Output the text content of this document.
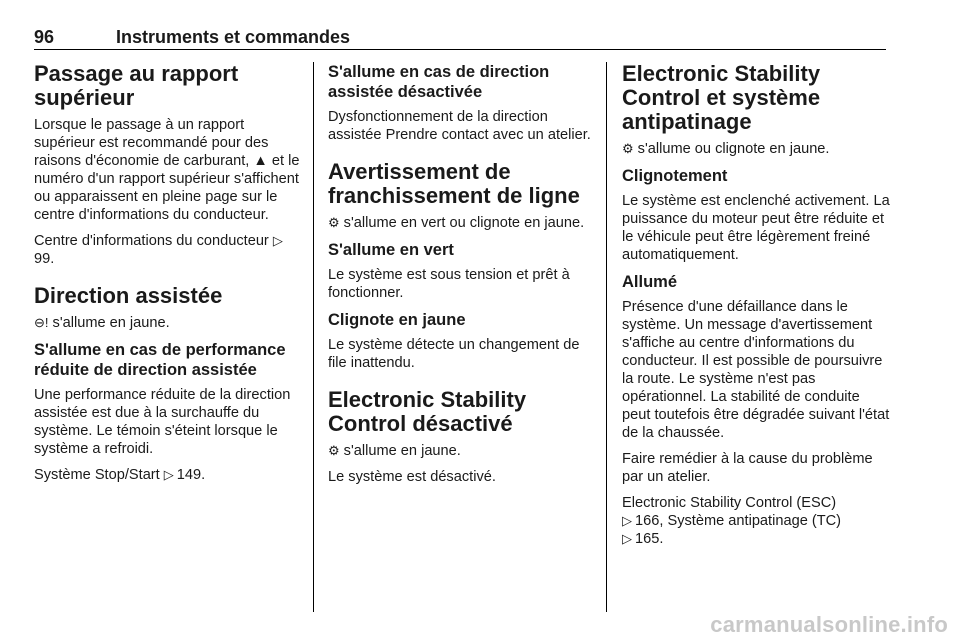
96	Instruments et commandes
Passage au rapport supérieur
Lorsque le passage à un rapport supérieur est recommandé pour des raisons d'économie de carburant, ▲ et le numéro d'un rapport supérieur s'affichent ou apparaissent en pleine page sur le centre d'informations du conducteur.
Centre d'informations du conducteur ▷99.
Direction assistée
⊖! s'allume en jaune.
S'allume en cas de performance réduite de direction assistée
Une performance réduite de la direction assistée est due à la surchauffe du système. Le témoin s'éteint lorsque le système a refroidi.
Système Stop/Start ▷ 149.
S'allume en cas de direction assistée désactivée
Dysfonctionnement de la direction assistée Prendre contact avec un atelier.
Avertissement de franchissement de ligne
⚙ s'allume en vert ou clignote en jaune.
S'allume en vert
Le système est sous tension et prêt à fonctionner.
Clignote en jaune
Le système détecte un changement de file inattendu.
Electronic Stability Control désactivé
⚙ s'allume en jaune.
Le système est désactivé.
Electronic Stability Control et système antipatinage
⚙ s'allume ou clignote en jaune.
Clignotement
Le système est enclenché activement. La puissance du moteur peut être réduite et le véhicule peut être légèrement freiné automatiquement.
Allumé
Présence d'une défaillance dans le système. Un message d'avertissement s'affiche au centre d'informations du conducteur. Il est possible de poursuivre la route. Le système n'est pas opérationnel. La stabilité de conduite peut toutefois être dégradée suivant l'état de la chaussée.
Faire remédier à la cause du problème par un atelier.
Electronic Stability Control (ESC)
▷ 166, Système antipatinage (TC)
▷ 165.
carmanualsonline.info
